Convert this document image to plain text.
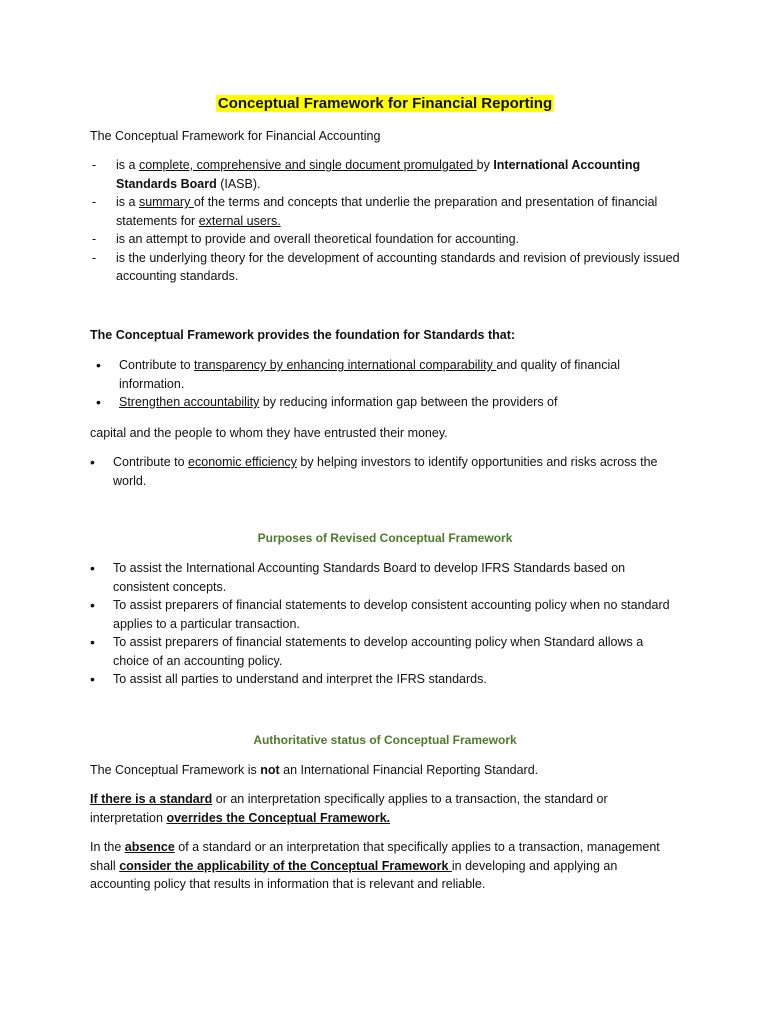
Conceptual Framework for Financial Reporting
The Conceptual Framework for Financial Accounting
- is a complete, comprehensive and single document promulgated by International Accounting Standards Board (IASB).
- is a summary of the terms and concepts that underlie the preparation and presentation of financial statements for external users.
- is an attempt to provide and overall theoretical foundation for accounting.
- is the underlying theory for the development of accounting standards and revision of previously issued accounting standards.
The Conceptual Framework provides the foundation for Standards that:
• Contribute to transparency by enhancing international comparability and quality of financial information.
• Strengthen accountability by reducing information gap between the providers of
capital and the people to whom they have entrusted their money.
• Contribute to economic efficiency by helping investors to identify opportunities and risks across the world.
Purposes of Revised Conceptual Framework
• To assist the International Accounting Standards Board to develop IFRS Standards based on consistent concepts.
• To assist preparers of financial statements to develop consistent accounting policy when no standard applies to a particular transaction.
• To assist preparers of financial statements to develop accounting policy when Standard allows a choice of an accounting policy.
• To assist all parties to understand and interpret the IFRS standards.
Authoritative status of Conceptual Framework
The Conceptual Framework is not an International Financial Reporting Standard.
If there is a standard or an interpretation specifically applies to a transaction, the standard or interpretation overrides the Conceptual Framework.
In the absence of a standard or an interpretation that specifically applies to a transaction, management shall consider the applicability of the Conceptual Framework in developing and applying an accounting policy that results in information that is relevant and reliable.
